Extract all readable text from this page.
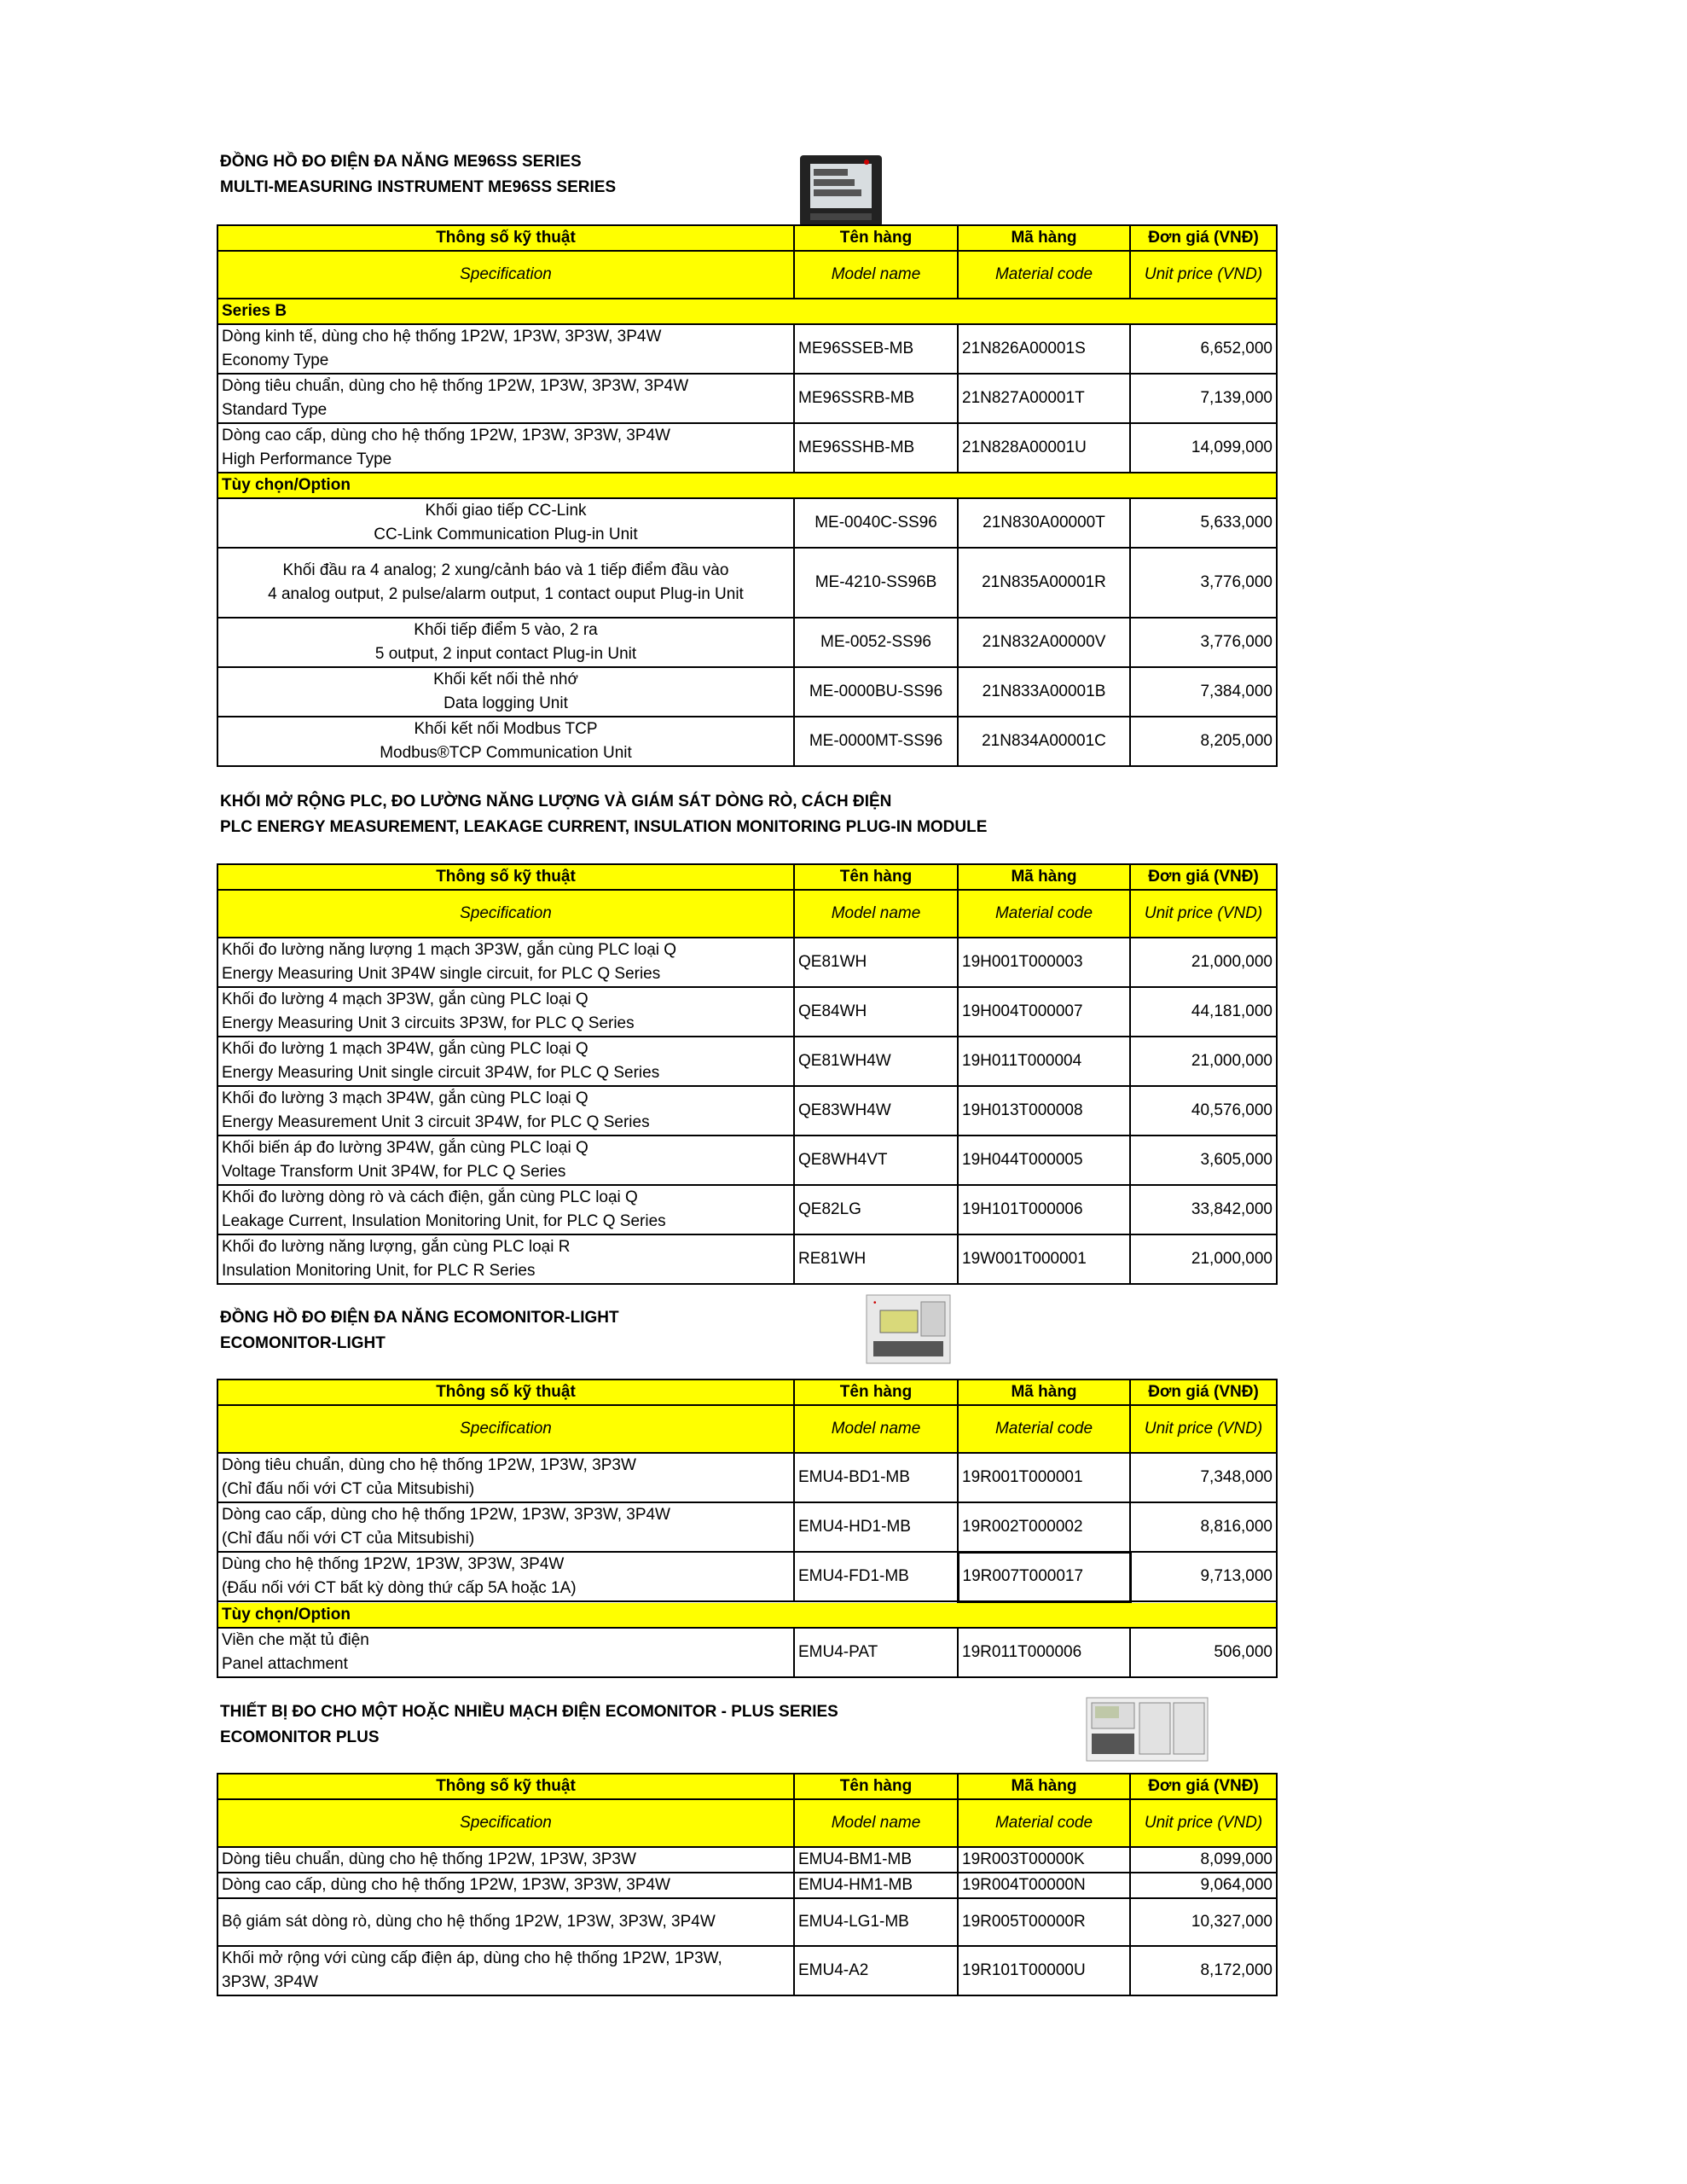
ĐỒNG HỒ ĐO ĐIỆN ĐA NĂNG ME96SS SERIES
MULTI-MEASURING INSTRUMENT ME96SS SERIES
Thông số kỹ thuật	Tên hàng	Mã hàng	Đơn giá (VNĐ)
Specification	Model name	Material code	Unit price (VND)
Series B			

Dòng kinh tế, dùng cho hệ thống 1P2W, 1P3W, 3P3W, 3P4W
Economy Type	ME96SSEB-MB	21N826A00001S	6,652,000

Dòng tiêu chuẩn, dùng cho hệ thống 1P2W, 1P3W, 3P3W, 3P4W
Standard Type	ME96SSRB-MB	21N827A00001T	7,139,000

Dòng cao cấp, dùng cho hệ thống 1P2W, 1P3W, 3P3W, 3P4W
High Performance Type	ME96SSHB-MB	21N828A00001U	14,099,000
Tùy chọn/Option			

Khối giao tiếp CC-Link
CC-Link Communication Plug-in Unit	ME-0040C-SS96	21N830A00000T	5,633,000

Khối đầu ra 4 analog; 2 xung/cảnh báo và 1 tiếp điểm đầu vào
4 analog output, 2 pulse/alarm output, 1 contact ouput Plug-in Unit	ME-4210-SS96B	21N835A00001R	3,776,000

Khối tiếp điểm 5 vào, 2 ra
5 output, 2 input contact Plug-in Unit	ME-0052-SS96	21N832A00000V	3,776,000

Khối kết nối thẻ nhớ
Data logging Unit	ME-0000BU-SS96	21N833A00001B	7,384,000

Khối kết nối Modbus TCP
Modbus®TCP Communication Unit	ME-0000MT-SS96	21N834A00001C	8,205,000
KHỐI MỞ RỘNG PLC, ĐO LƯỜNG NĂNG LƯỢNG VÀ GIÁM SÁT DÒNG RÒ, CÁCH ĐIỆN
PLC ENERGY MEASUREMENT, LEAKAGE CURRENT, INSULATION MONITORING PLUG-IN MODULE
Thông số kỹ thuật	Tên hàng	Mã hàng	Đơn giá (VNĐ)
Specification	Model name	Material code	Unit price (VND)

Khối đo lường năng lượng 1 mạch 3P3W, gắn cùng PLC loại Q
Energy Measuring Unit 3P4W single circuit, for PLC Q Series	QE81WH	19H001T000003	21,000,000

Khối đo lường 4 mạch 3P3W, gắn cùng PLC loại Q
Energy Measuring Unit 3 circuits 3P3W, for PLC Q Series	QE84WH	19H004T000007	44,181,000

Khối đo lường 1 mạch 3P4W, gắn cùng PLC loại Q
Energy Measuring Unit single circuit 3P4W, for PLC Q Series	QE81WH4W	19H011T000004	21,000,000

Khối đo lường 3 mạch 3P4W, gắn cùng PLC loại Q
Energy Measurement Unit 3 circuit 3P4W, for PLC Q Series	QE83WH4W	19H013T000008	40,576,000

Khối biến áp đo lường 3P4W, gắn cùng PLC loại Q
Voltage Transform Unit 3P4W, for PLC Q Series	QE8WH4VT	19H044T000005	3,605,000

Khối đo lường dòng rò và cách điện, gắn cùng PLC loại Q
Leakage Current, Insulation Monitoring Unit, for PLC Q Series	QE82LG	19H101T000006	33,842,000

Khối đo lường năng lượng, gắn cùng PLC loại R
Insulation Monitoring Unit, for PLC R Series	RE81WH	19W001T000001	21,000,000
ĐỒNG HỒ ĐO ĐIỆN ĐA NĂNG ECOMONITOR-LIGHT
ECOMONITOR-LIGHT
•
Thông số kỹ thuật	Tên hàng	Mã hàng	Đơn giá (VNĐ)
Specification	Model name	Material code	Unit price (VND)

Dòng tiêu chuẩn, dùng cho hệ thống 1P2W, 1P3W, 3P3W
(Chỉ đấu nối với CT của Mitsubishi)	EMU4-BD1-MB	19R001T000001	7,348,000

Dòng cao cấp, dùng cho hệ thống 1P2W, 1P3W, 3P3W, 3P4W
(Chỉ đấu nối với CT của Mitsubishi)	EMU4-HD1-MB	19R002T000002	8,816,000

Dùng cho hệ thống 1P2W, 1P3W, 3P3W, 3P4W
(Đấu nối với CT bất kỳ dòng thứ cấp 5A hoặc 1A)	EMU4-FD1-MB	19R007T000017	9,713,000
Tùy chọn/Option			

Viền che mặt tủ điện
Panel attachment	EMU4-PAT	19R011T000006	506,000
THIẾT BỊ ĐO CHO MỘT HOẶC NHIỀU MẠCH ĐIỆN ECOMONITOR - PLUS SERIES
ECOMONITOR PLUS
Thông số kỹ thuật	Tên hàng	Mã hàng	Đơn giá (VNĐ)
Specification	Model name	Material code	Unit price (VND)

Dòng tiêu chuẩn, dùng cho hệ thống 1P2W, 1P3W, 3P3W	EMU4-BM1-MB	19R003T00000K	8,099,000

Dòng cao cấp, dùng cho hệ thống 1P2W, 1P3W, 3P3W, 3P4W	EMU4-HM1-MB	19R004T00000N	9,064,000

Bộ giám sát dòng rò, dùng cho hệ thống 1P2W, 1P3W, 3P3W, 3P4W	EMU4-LG1-MB	19R005T00000R	10,327,000

Khối mở rộng với cùng cấp điện áp, dùng cho hệ thống 1P2W, 1P3W,
3P3W, 3P4W	EMU4-A2	19R101T00000U	8,172,000
